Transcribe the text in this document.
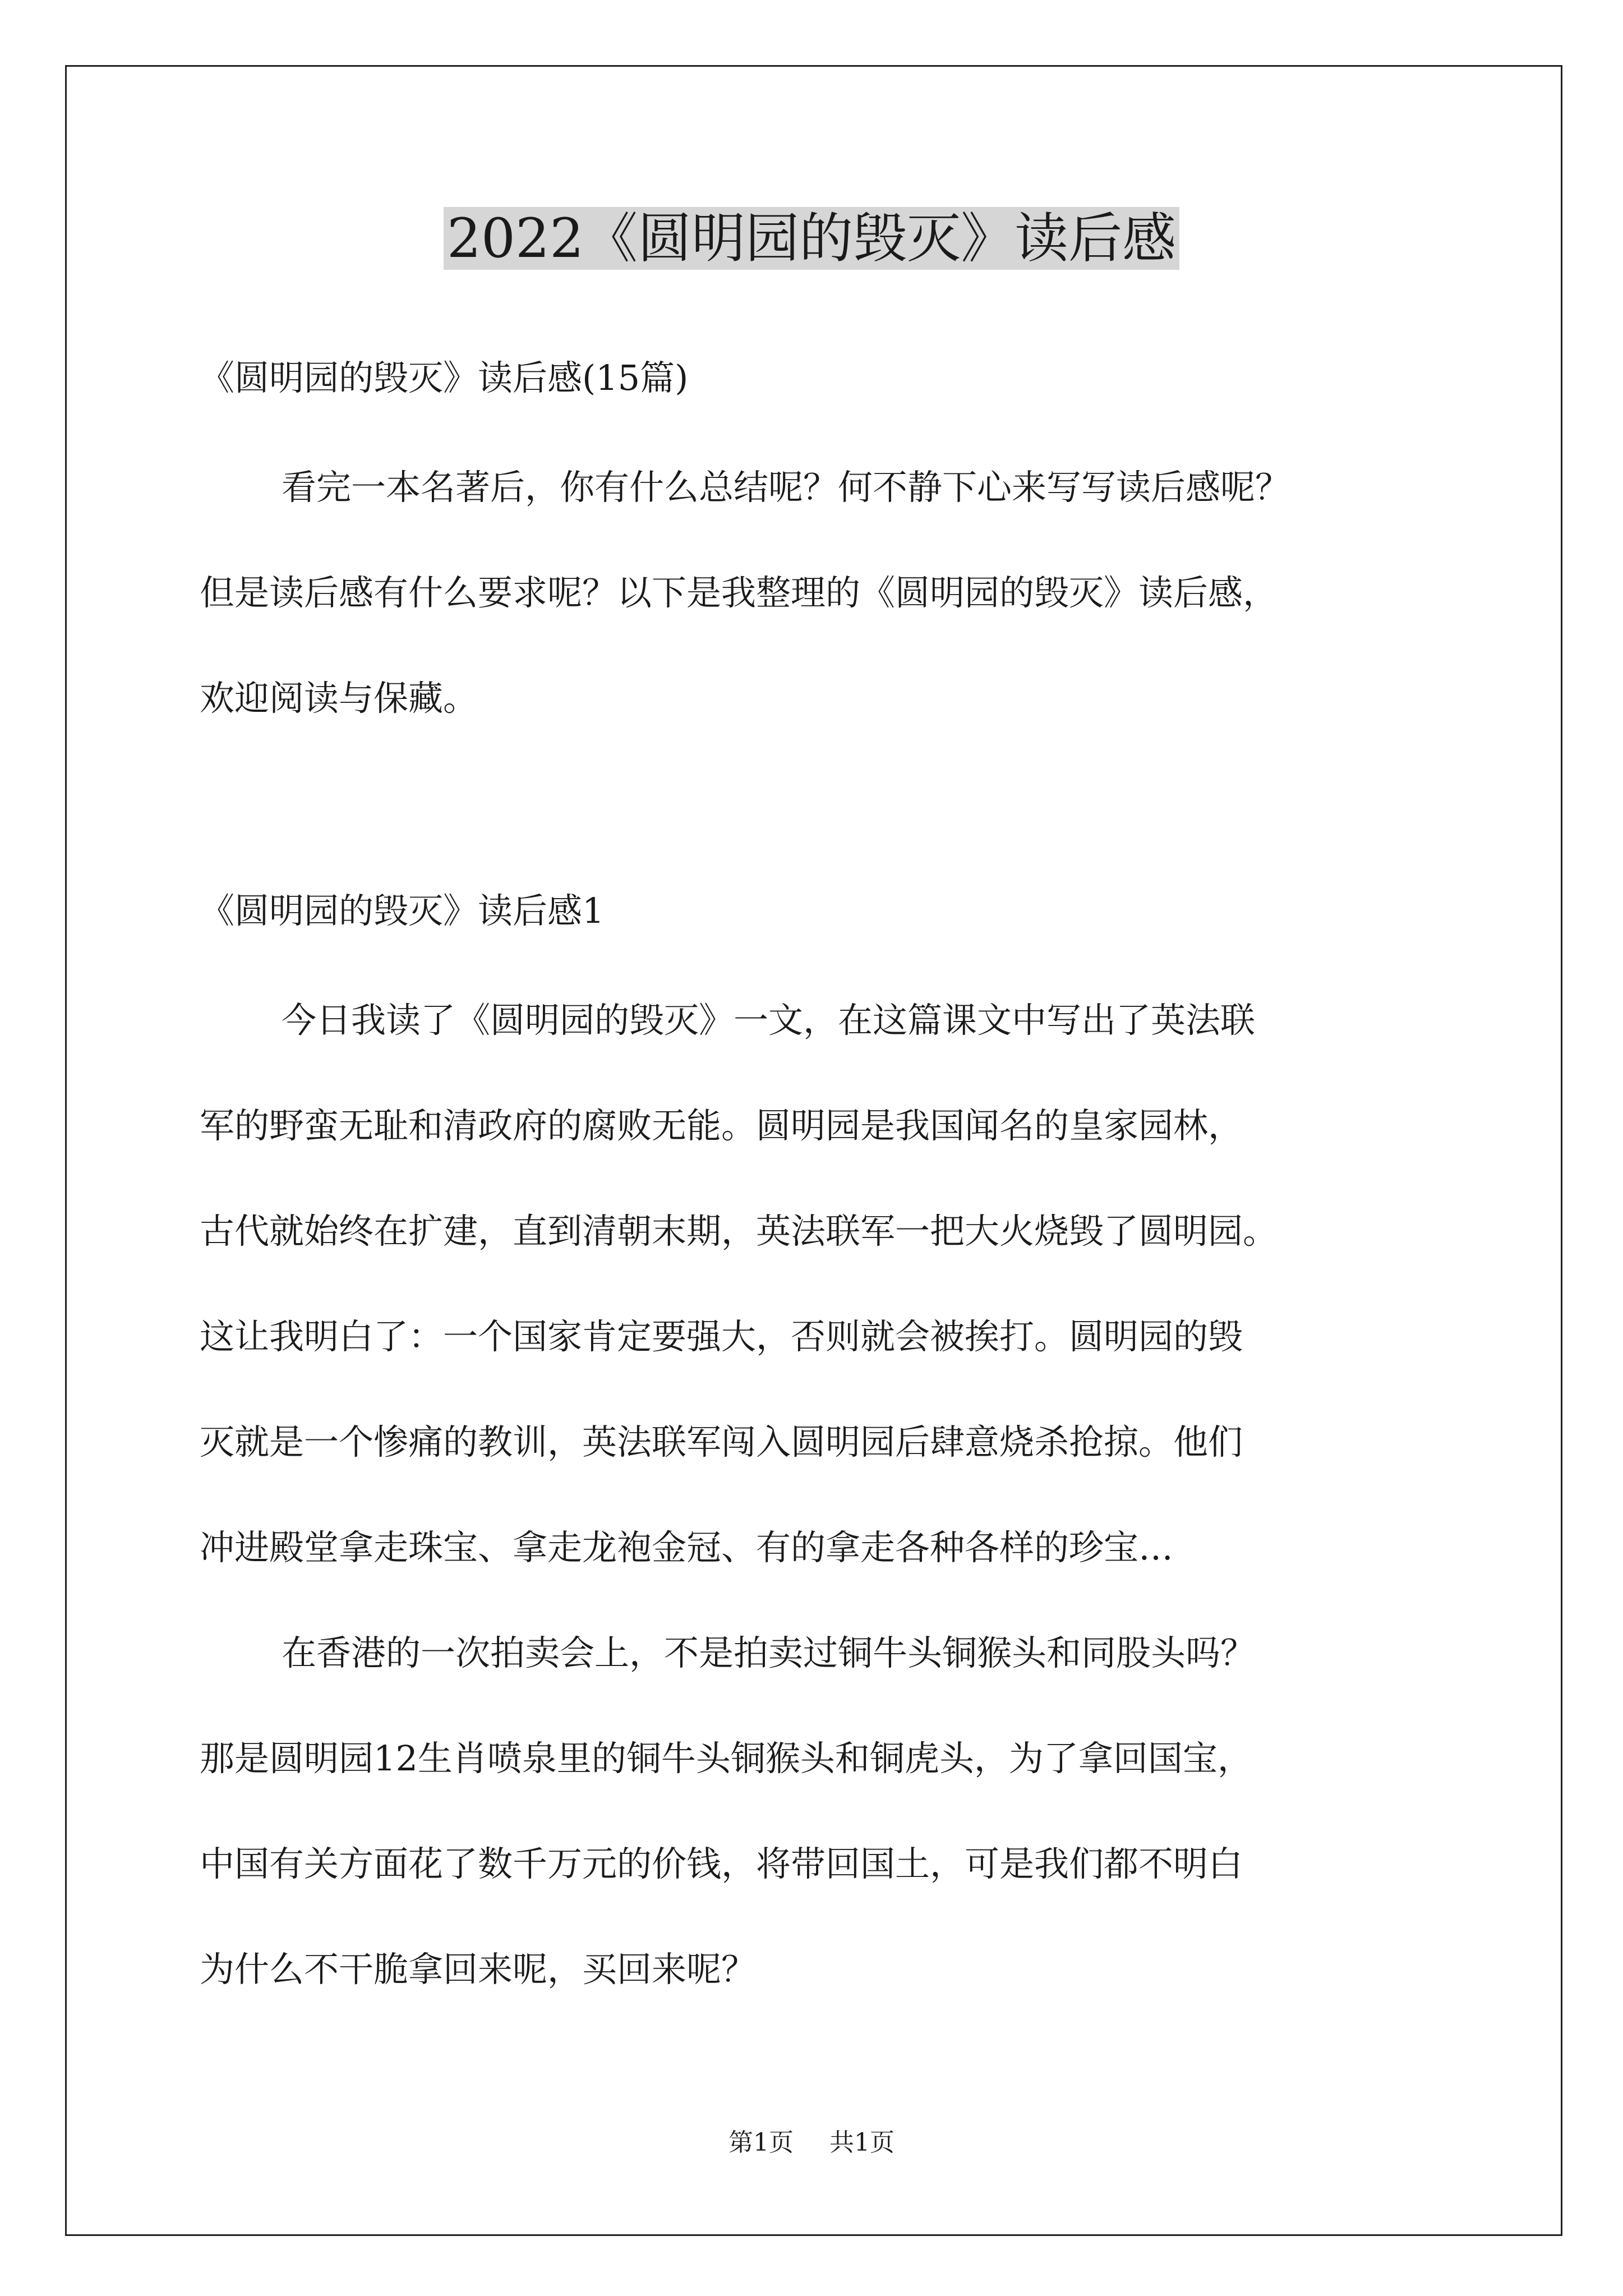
2022《圆明园的毁灭》读后感

《圆明园的毁灭》读后感(15篇)

看完一本名著后，你有什么总结呢？何不静下心来写写读后感呢？
但是读后感有什么要求呢？以下是我整理的《圆明园的毁灭》读后感，
欢迎阅读与保藏。

《圆明园的毁灭》读后感1

今日我读了《圆明园的毁灭》一文，在这篇课文中写出了英法联
军的野蛮无耻和清政府的腐败无能。圆明园是我国闻名的皇家园林，
古代就始终在扩建，直到清朝末期，英法联军一把大火烧毁了圆明园。
这让我明白了：一个国家肯定要强大，否则就会被挨打。圆明园的毁
灭就是一个惨痛的教训，英法联军闯入圆明园后肆意烧杀抢掠。他们
冲进殿堂拿走珠宝、拿走龙袍金冠、有的拿走各种各样的珍宝…
在香港的一次拍卖会上，不是拍卖过铜牛头铜猴头和同股头吗？
那是圆明园12生肖喷泉里的铜牛头铜猴头和铜虎头，为了拿回国宝，
中国有关方面花了数千万元的价钱，将带回国土，可是我们都不明白
为什么不干脆拿回来呢，买回来呢？
第1页 共1页
